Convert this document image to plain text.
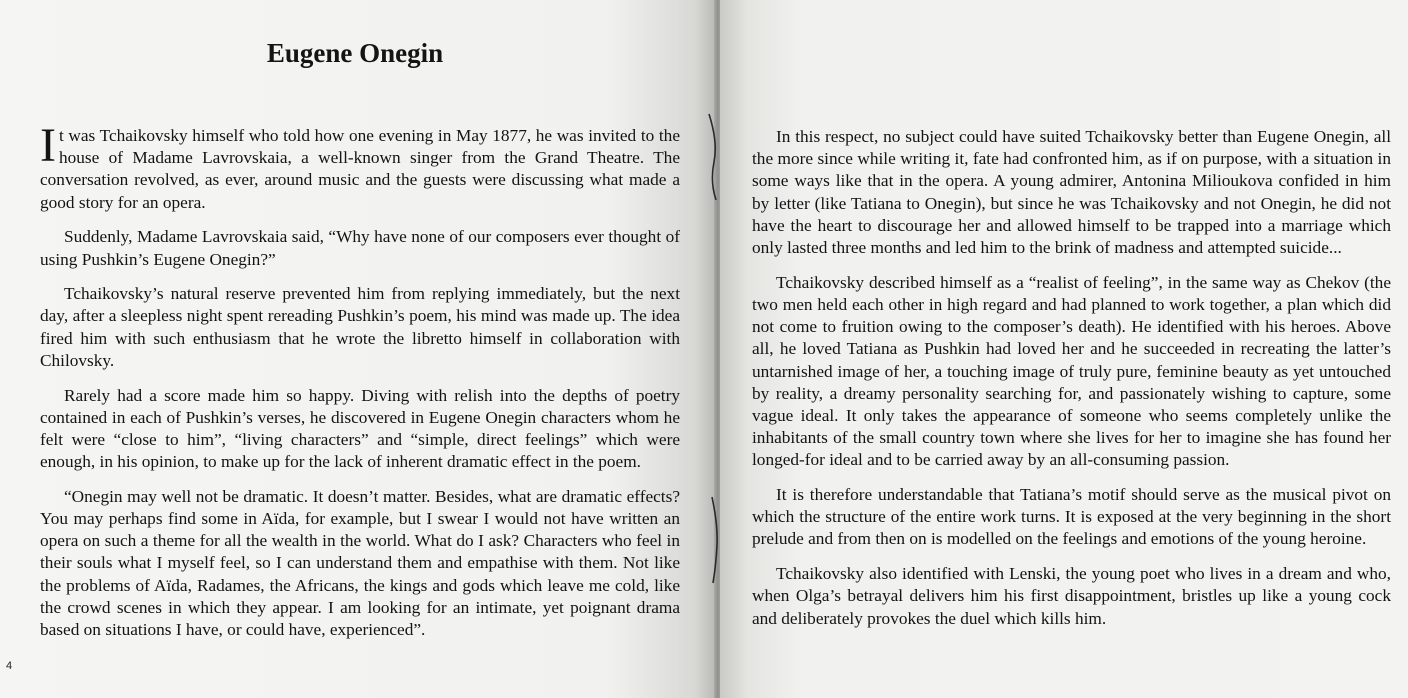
Eugene Onegin

It was Tchaikovsky himself who told how one evening in May 1877, he was invited to the house of Madame Lavrovskaia, a well-known singer from the Grand Theatre. The conversation revolved, as ever, around music and the guests were discussing what made a good story for an opera.

Suddenly, Madame Lavrovskaia said, “Why have none of our composers ever thought of using Pushkin’s Eugene Onegin?”

Tchaikovsky’s natural reserve prevented him from replying immediately, but the next day, after a sleepless night spent rereading Pushkin’s poem, his mind was made up. The idea fired him with such enthusiasm that he wrote the libretto himself in collaboration with Chilovsky.

Rarely had a score made him so happy. Diving with relish into the depths of poetry contained in each of Pushkin’s verses, he discovered in Eugene Onegin characters whom he felt were “close to him”, “living characters” and “simple, direct feelings” which were enough, in his opinion, to make up for the lack of inherent dramatic effect in the poem.

“Onegin may well not be dramatic. It doesn’t matter. Besides, what are dramatic effects? You may perhaps find some in Aïda, for example, but I swear I would not have written an opera on such a theme for all the wealth in the world. What do I ask? Characters who feel in their souls what I myself feel, so I can understand them and empathise with them. Not like the problems of Aïda, Radames, the Africans, the kings and gods which leave me cold, like the crowd scenes in which they appear. I am looking for an intimate, yet poignant drama based on situations I have, or could have, experienced”.

4

In this respect, no subject could have suited Tchaikovsky better than Eugene Onegin, all the more since while writing it, fate had confronted him, as if on purpose, with a situation in some ways like that in the opera. A young admirer, Antonina Milioukova confided in him by letter (like Tatiana to Onegin), but since he was Tchaikovsky and not Onegin, he did not have the heart to discourage her and allowed himself to be trapped into a marriage which only lasted three months and led him to the brink of madness and attempted suicide...

Tchaikovsky described himself as a “realist of feeling”, in the same way as Chekov (the two men held each other in high regard and had planned to work together, a plan which did not come to fruition owing to the composer’s death). He identified with his heroes. Above all, he loved Tatiana as Pushkin had loved her and he succeeded in recreating the latter’s untarnished image of her, a touching image of truly pure, feminine beauty as yet untouched by reality, a dreamy personality searching for, and passionately wishing to capture, some vague ideal. It only takes the appearance of someone who seems completely unlike the inhabitants of the small country town where she lives for her to imagine she has found her longed-for ideal and to be carried away by an all-consuming passion.

It is therefore understandable that Tatiana’s motif should serve as the musical pivot on which the structure of the entire work turns. It is exposed at the very beginning in the short prelude and from then on is modelled on the feelings and emotions of the young heroine.

Tchaikovsky also identified with Lenski, the young poet who lives in a dream and who, when Olga’s betrayal delivers him his first disappointment, bristles up like a young cock and deliberately provokes the duel which kills him.
